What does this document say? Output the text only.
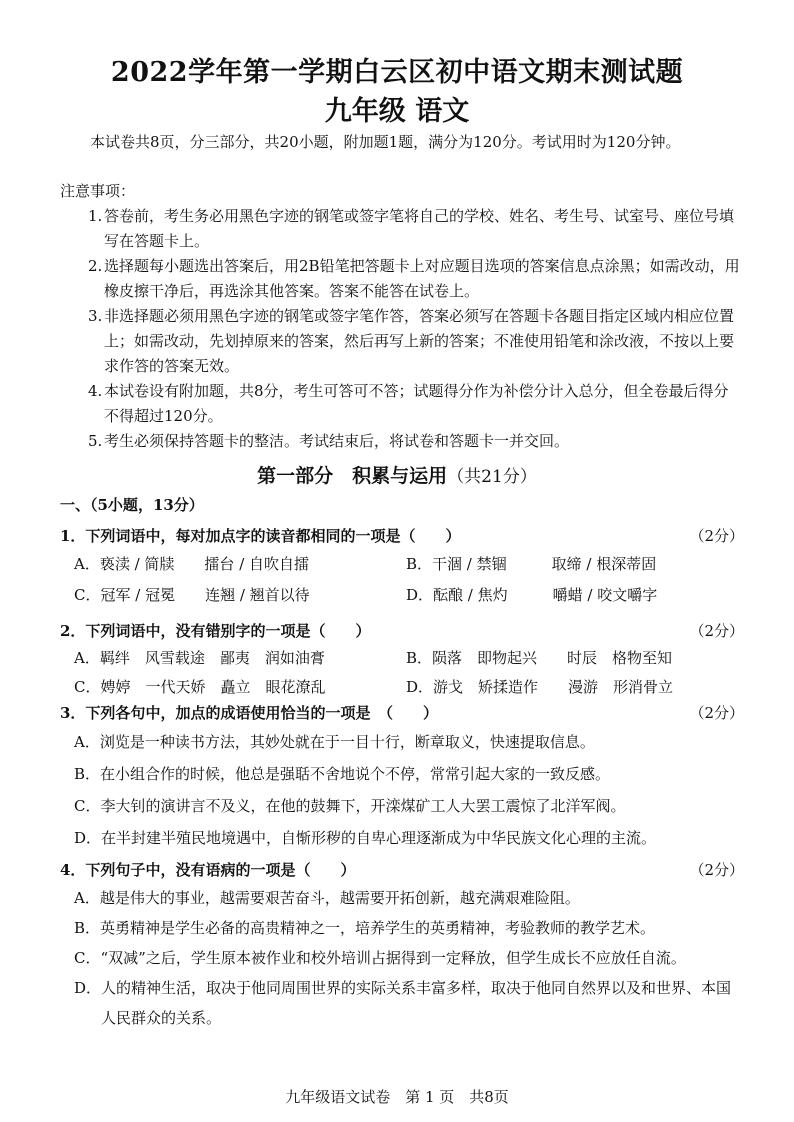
2022学年第一学期白云区初中语文期末测试题
九年级 语文
本试卷共8页，分三部分，共20小题，附加题1题，满分为120分。考试用时为120分钟。
注意事项：
1. 答卷前，考生务必用黑色字迹的钢笔或签字笔将自己的学校、姓名、考生号、试室号、座位号填写在答题卡上。
2. 选择题每小题选出答案后，用2B铅笔把答题卡上对应题目选项的答案信息点涂黑；如需改动，用橡皮擦干净后，再选涂其他答案。答案不能答在试卷上。
3. 非选择题必须用黑色字迹的钢笔或签字笔作答，答案必须写在答题卡各题目指定区域内相应位置上；如需改动，先划掉原来的答案，然后再写上新的答案；不准使用铅笔和涂改液，不按以上要求作答的答案无效。
4. 本试卷设有附加题，共8分，考生可答可不答；试题得分作为补偿分计入总分，但全卷最后得分不得超过120分。
5. 考生必须保持答题卡的整洁。考试结束后，将试卷和答题卡一并交回。
第一部分　积累与运用（共21分）
一、（5小题，13分）
1．下列词语中，每对加点字的读音都相同的一项是（　　）	（2分）
A．亵渎 / 简牍　　擂台 / 自吹自擂	B．干涸 / 禁锢　　　取缔 / 根深蒂固
C．冠军 / 冠冕　　连翘 / 翘首以待	D．酝酿 / 焦灼　　　嚼蜡 / 咬文嚼字
2．下列词语中，没有错别字的一项是（　　）	（2分）
A．羁绊　风雪载途　鄙夷　润如油膏	B．陨落　即物起兴　　时辰　格物至知
C．娉婷　一代天娇　矗立　眼花潦乱	D．游戈　矫揉造作　　漫游　形消骨立
3．下列各句中，加点的成语使用恰当的一项是　（　　）	（2分）
A．浏览是一种读书方法，其妙处就在于一目十行，断章取义，快速提取信息。
B．在小组合作的时候，他总是强聒不舍地说个不停，常常引起大家的一致反感。
C．李大钊的演讲言不及义，在他的鼓舞下，开滦煤矿工人大罢工震惊了北洋军阀。
D．在半封建半殖民地境遇中，自惭形秽的自卑心理逐渐成为中华民族文化心理的主流。
4．下列句子中，没有语病的一项是（　　）	（2分）
A．越是伟大的事业，越需要艰苦奋斗，越需要开拓创新，越充满艰难险阻。
B．英勇精神是学生必备的高贵精神之一，培养学生的英勇精神，考验教师的教学艺术。
C． “双减”之后，学生原本被作业和校外培训占据得到一定释放，但学生成长不应放任自流。
D． 人的精神生活，取决于他同周围世界的实际关系丰富多样，取决于他同自然界以及和世界、本国人民群众的关系。
九年级语文试卷　第 1 页　共8页
